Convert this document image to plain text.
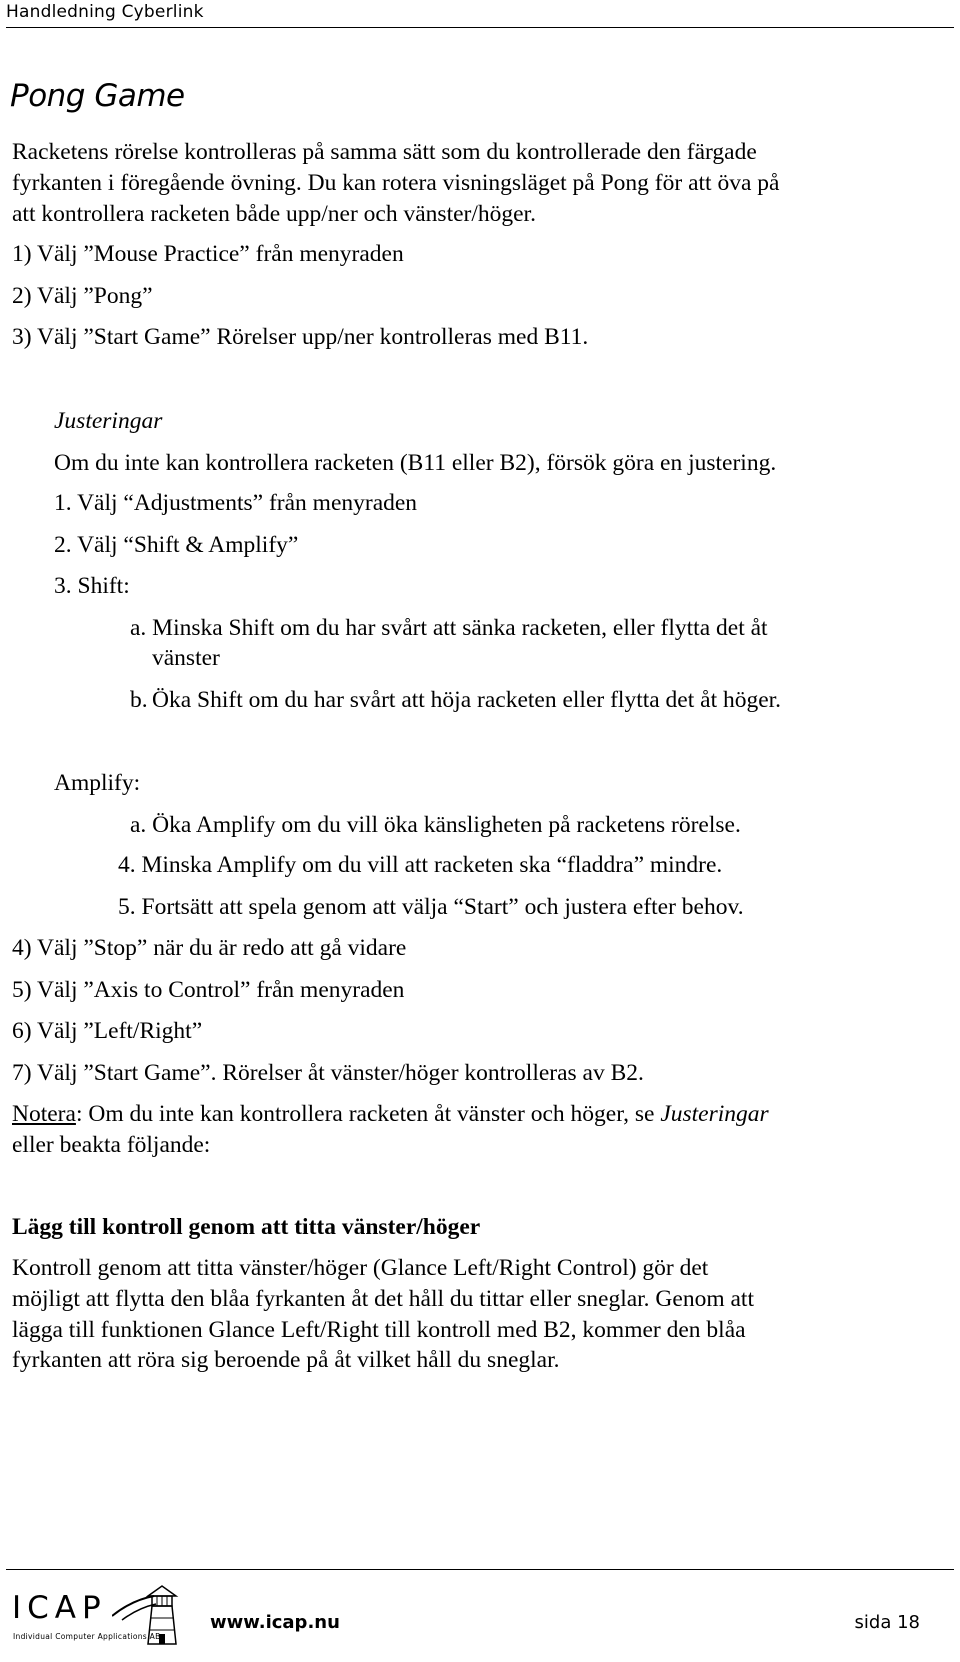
Handledning Cyberlink
Pong Game
Racketens rörelse kontrolleras på samma sätt som du kontrollerade den färgade
fyrkanten i föregående övning. Du kan rotera visningsläget på Pong för att öva på
att kontrollera racketen både upp/ner och vänster/höger.
1) Välj ”Mouse Practice” från menyraden
2) Välj ”Pong”
3) Välj ”Start Game” Rörelser upp/ner kontrolleras med B11.
Justeringar
Om du inte kan kontrollera racketen (B11 eller B2), försök göra en justering.
1. Välj “Adjustments” från menyraden
2. Välj “Shift & Amplify”
3. Shift:
a. Minska Shift om du har svårt att sänka racketen, eller flytta det åt
vänster
b. Öka Shift om du har svårt att höja racketen eller flytta det åt höger.
Amplify:
a. Öka Amplify om du vill öka känsligheten på racketens rörelse.
4. Minska Amplify om du vill att racketen ska “fladdra” mindre.
5. Fortsätt att spela genom att välja “Start” och justera efter behov.
4) Välj ”Stop” när du är redo att gå vidare
5) Välj ”Axis to Control” från menyraden
6) Välj ”Left/Right”
7) Välj ”Start Game”. Rörelser åt vänster/höger kontrolleras av B2.
Notera: Om du inte kan kontrollera racketen åt vänster och höger, se Justeringar
eller beakta följande:
Lägg till kontroll genom att titta vänster/höger
Kontroll genom att titta vänster/höger (Glance Left/Right Control) gör det
möjligt att flytta den blåa fyrkanten åt det håll du tittar eller sneglar. Genom att
lägga till funktionen Glance Left/Right till kontroll med B2, kommer den blåa
fyrkanten att röra sig beroende på åt vilket håll du sneglar.
ICAP
Individual Computer Applications AB
www.icap.nu	sida 18
